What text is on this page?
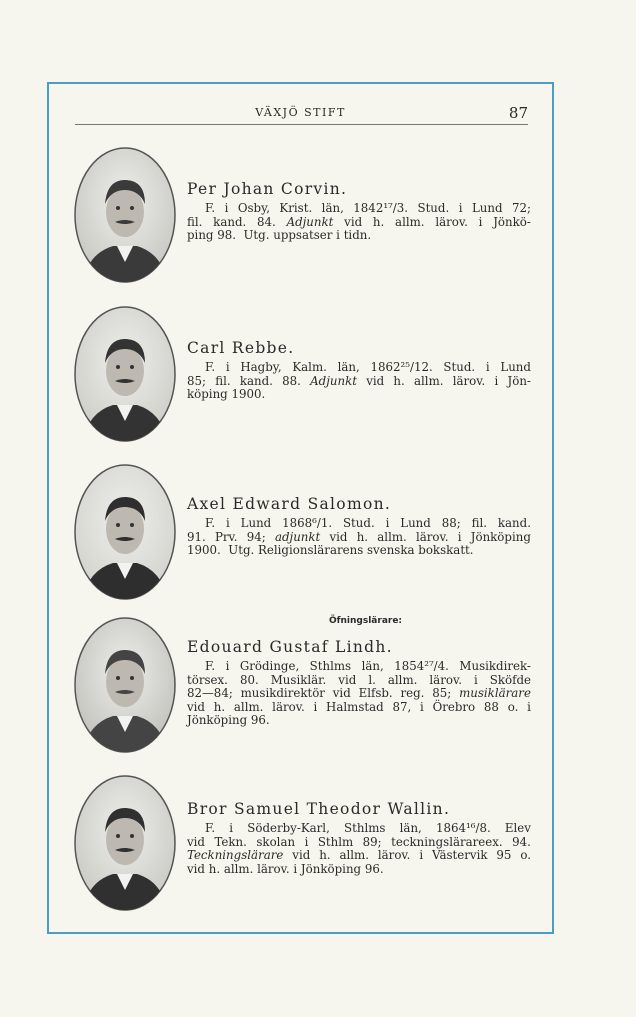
VÄXJÖ STIFT	87
Öfningslärare:
Per Johan Corvin.
F. i Osby, Krist. län, 1842¹⁷/3. Stud. i Lund 72;
fil. kand. 84. Adjunkt vid h. allm. lärov. i Jönkö-
ping 98.  Utg. uppsatser i tidn.
Carl Rebbe.
F. i Hagby, Kalm. län, 1862²⁵/12. Stud. i Lund
85; fil. kand. 88. Adjunkt vid h. allm. lärov. i Jön-
köping 1900.
Axel Edward Salomon.
F. i Lund 1868⁶/1. Stud. i Lund 88; fil. kand.
91. Prv. 94; adjunkt vid h. allm. lärov. i Jönköping
1900.  Utg. Religionslärarens svenska bokskatt.
Edouard Gustaf Lindh.
F. i Grödinge, Sthlms län, 1854²⁷/4. Musikdirek-
törsex. 80. Musiklär. vid l. allm. lärov. i Sköfde
82—84; musikdirektör vid Elfsb. reg. 85; musiklärare
vid h. allm. lärov. i Halmstad 87, i Örebro 88 o. i
Jönköping 96.
Bror Samuel Theodor Wallin.
F. i Söderby-Karl, Sthlms län, 1864¹⁶/8. Elev
vid Tekn. skolan i Sthlm 89; teckningslärareex. 94.
Teckningslärare vid h. allm. lärov. i Västervik 95 o.
vid h. allm. lärov. i Jönköping 96.
